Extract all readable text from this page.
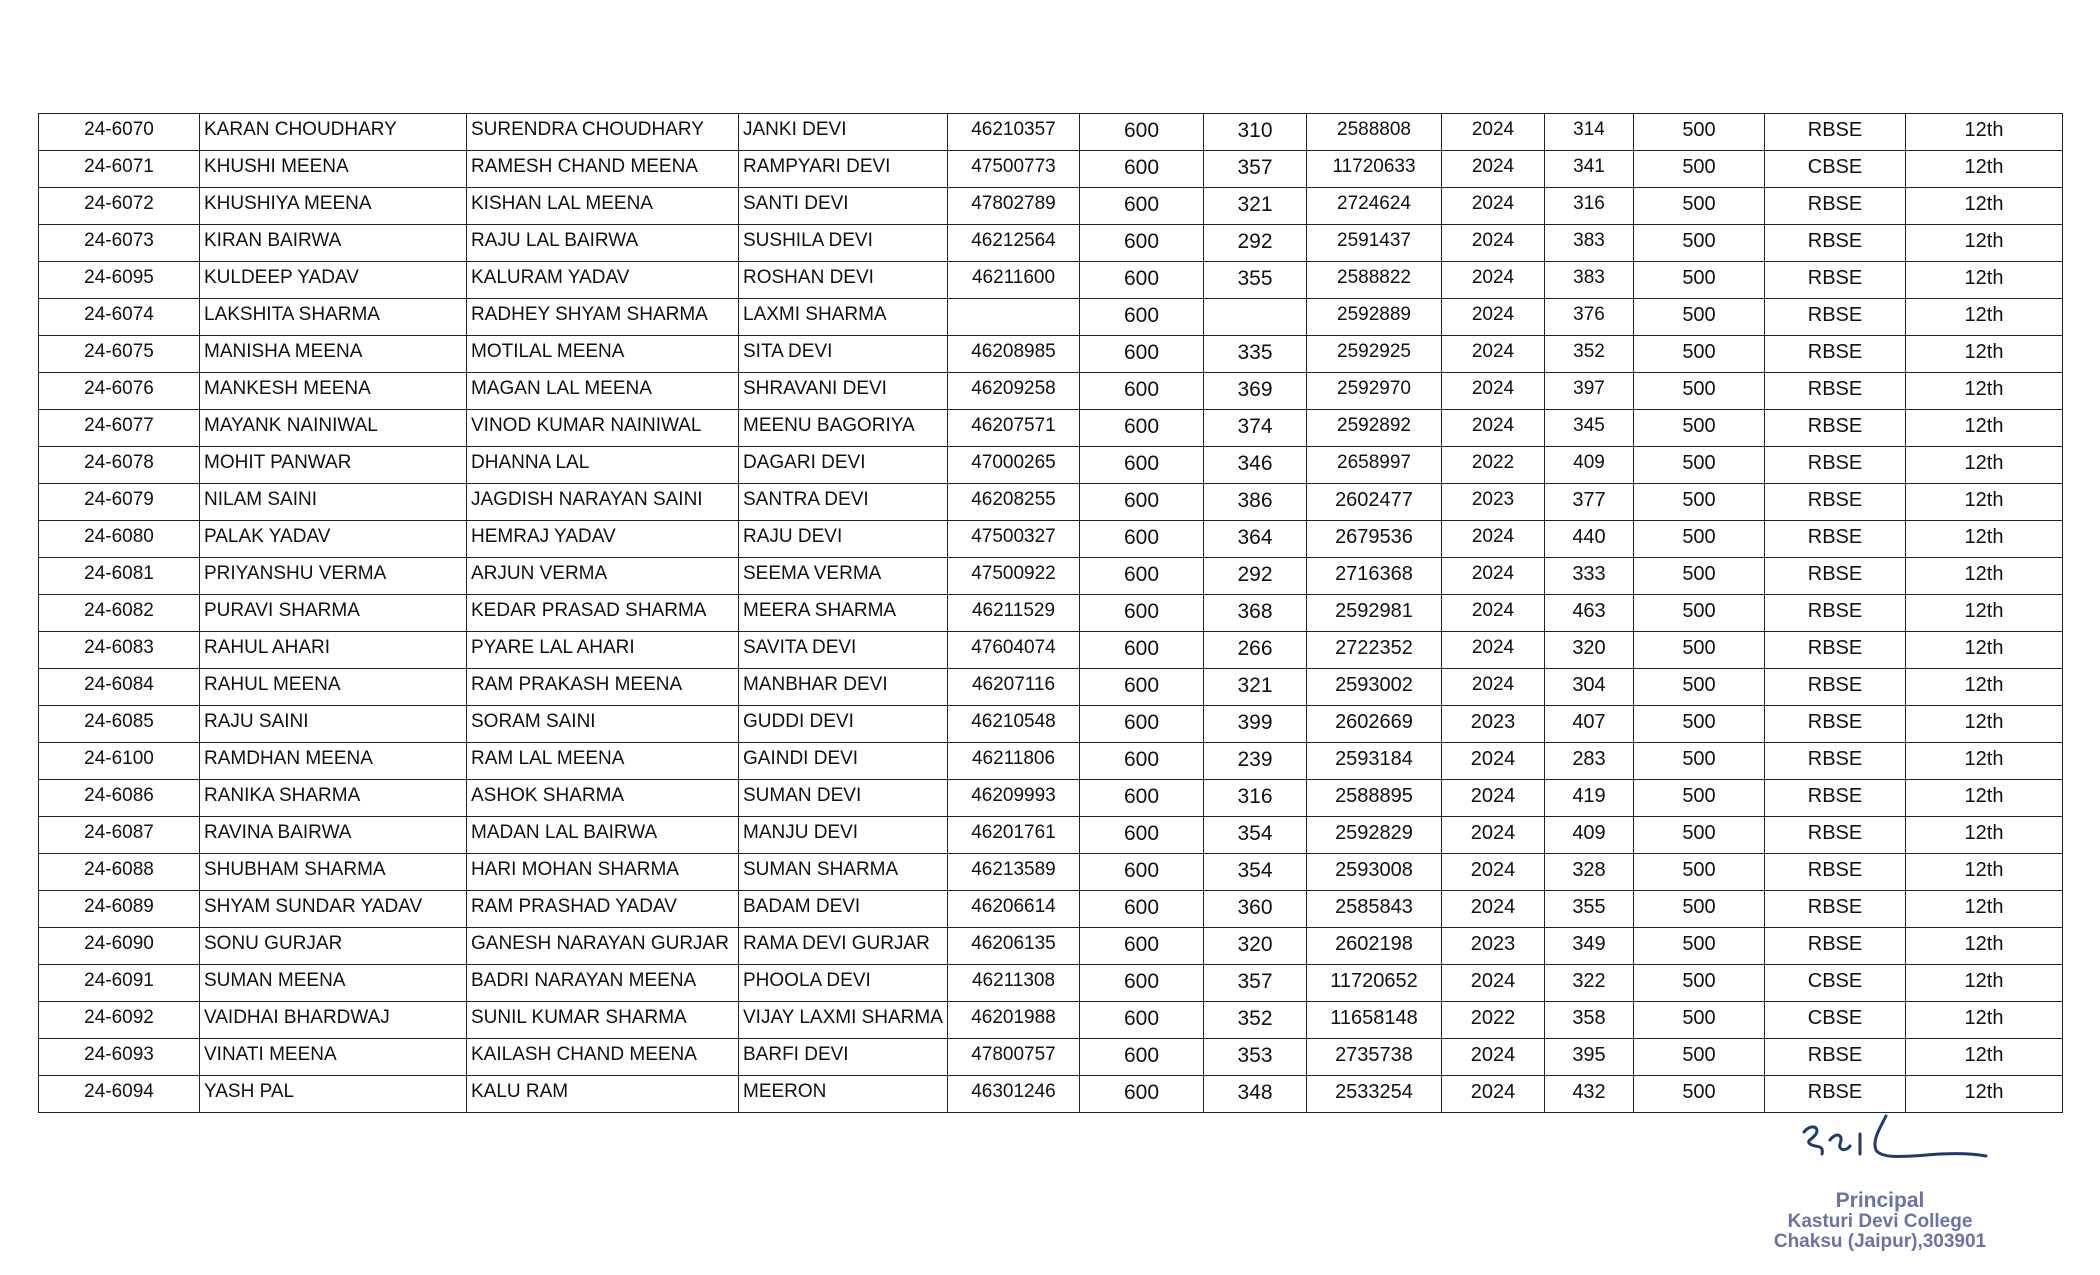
24-6070	KARAN CHOUDHARY	SURENDRA CHOUDHARY	JANKI DEVI	46210357	600	310	2588808	2024	314	500	RBSE	12th

24-6071	KHUSHI MEENA	RAMESH CHAND MEENA	RAMPYARI DEVI	47500773	600	357	11720633	2024	341	500	CBSE	12th

24-6072	KHUSHIYA MEENA	KISHAN LAL MEENA	SANTI DEVI	47802789	600	321	2724624	2024	316	500	RBSE	12th

24-6073	KIRAN BAIRWA	RAJU LAL BAIRWA	SUSHILA DEVI	46212564	600	292	2591437	2024	383	500	RBSE	12th

24-6095	KULDEEP YADAV	KALURAM YADAV	ROSHAN DEVI	46211600	600	355	2588822	2024	383	500	RBSE	12th

24-6074	LAKSHITA SHARMA	RADHEY SHYAM SHARMA	LAXMI SHARMA		600		2592889	2024	376	500	RBSE	12th

24-6075	MANISHA MEENA	MOTILAL MEENA	SITA DEVI	46208985	600	335	2592925	2024	352	500	RBSE	12th

24-6076	MANKESH MEENA	MAGAN LAL MEENA	SHRAVANI DEVI	46209258	600	369	2592970	2024	397	500	RBSE	12th

24-6077	MAYANK NAINIWAL	VINOD KUMAR NAINIWAL	MEENU BAGORIYA	46207571	600	374	2592892	2024	345	500	RBSE	12th

24-6078	MOHIT PANWAR	DHANNA LAL	DAGARI DEVI	47000265	600	346	2658997	2022	409	500	RBSE	12th

24-6079	NILAM SAINI	JAGDISH NARAYAN SAINI	SANTRA DEVI	46208255	600	386	2602477	2023	377	500	RBSE	12th

24-6080	PALAK YADAV	HEMRAJ YADAV	RAJU DEVI	47500327	600	364	2679536	2024	440	500	RBSE	12th

24-6081	PRIYANSHU VERMA	ARJUN VERMA	SEEMA VERMA	47500922	600	292	2716368	2024	333	500	RBSE	12th

24-6082	PURAVI SHARMA	KEDAR PRASAD SHARMA	MEERA SHARMA	46211529	600	368	2592981	2024	463	500	RBSE	12th

24-6083	RAHUL AHARI	PYARE LAL AHARI	SAVITA DEVI	47604074	600	266	2722352	2024	320	500	RBSE	12th

24-6084	RAHUL MEENA	RAM PRAKASH MEENA	MANBHAR DEVI	46207116	600	321	2593002	2024	304	500	RBSE	12th

24-6085	RAJU SAINI	SORAM SAINI	GUDDI DEVI	46210548	600	399	2602669	2023	407	500	RBSE	12th

24-6100	RAMDHAN MEENA	RAM LAL MEENA	GAINDI DEVI	46211806	600	239	2593184	2024	283	500	RBSE	12th

24-6086	RANIKA SHARMA	ASHOK SHARMA	SUMAN DEVI	46209993	600	316	2588895	2024	419	500	RBSE	12th

24-6087	RAVINA BAIRWA	MADAN LAL BAIRWA	MANJU DEVI	46201761	600	354	2592829	2024	409	500	RBSE	12th

24-6088	SHUBHAM SHARMA	HARI MOHAN SHARMA	SUMAN SHARMA	46213589	600	354	2593008	2024	328	500	RBSE	12th

24-6089	SHYAM SUNDAR YADAV	RAM PRASHAD YADAV	BADAM DEVI	46206614	600	360	2585843	2024	355	500	RBSE	12th

24-6090	SONU GURJAR	GANESH NARAYAN GURJAR	RAMA DEVI GURJAR	46206135	600	320	2602198	2023	349	500	RBSE	12th

24-6091	SUMAN MEENA	BADRI NARAYAN MEENA	PHOOLA DEVI	46211308	600	357	11720652	2024	322	500	CBSE	12th

24-6092	VAIDHAI BHARDWAJ	SUNIL KUMAR SHARMA	VIJAY LAXMI SHARMA	46201988	600	352	11658148	2022	358	500	CBSE	12th

24-6093	VINATI MEENA	KAILASH CHAND MEENA	BARFI DEVI	47800757	600	353	2735738	2024	395	500	RBSE	12th

24-6094	YASH PAL	KALU RAM	MEERON	46301246	600	348	2533254	2024	432	500	RBSE	12th
Principal
Kasturi Devi College
Chaksu (Jaipur),303901
